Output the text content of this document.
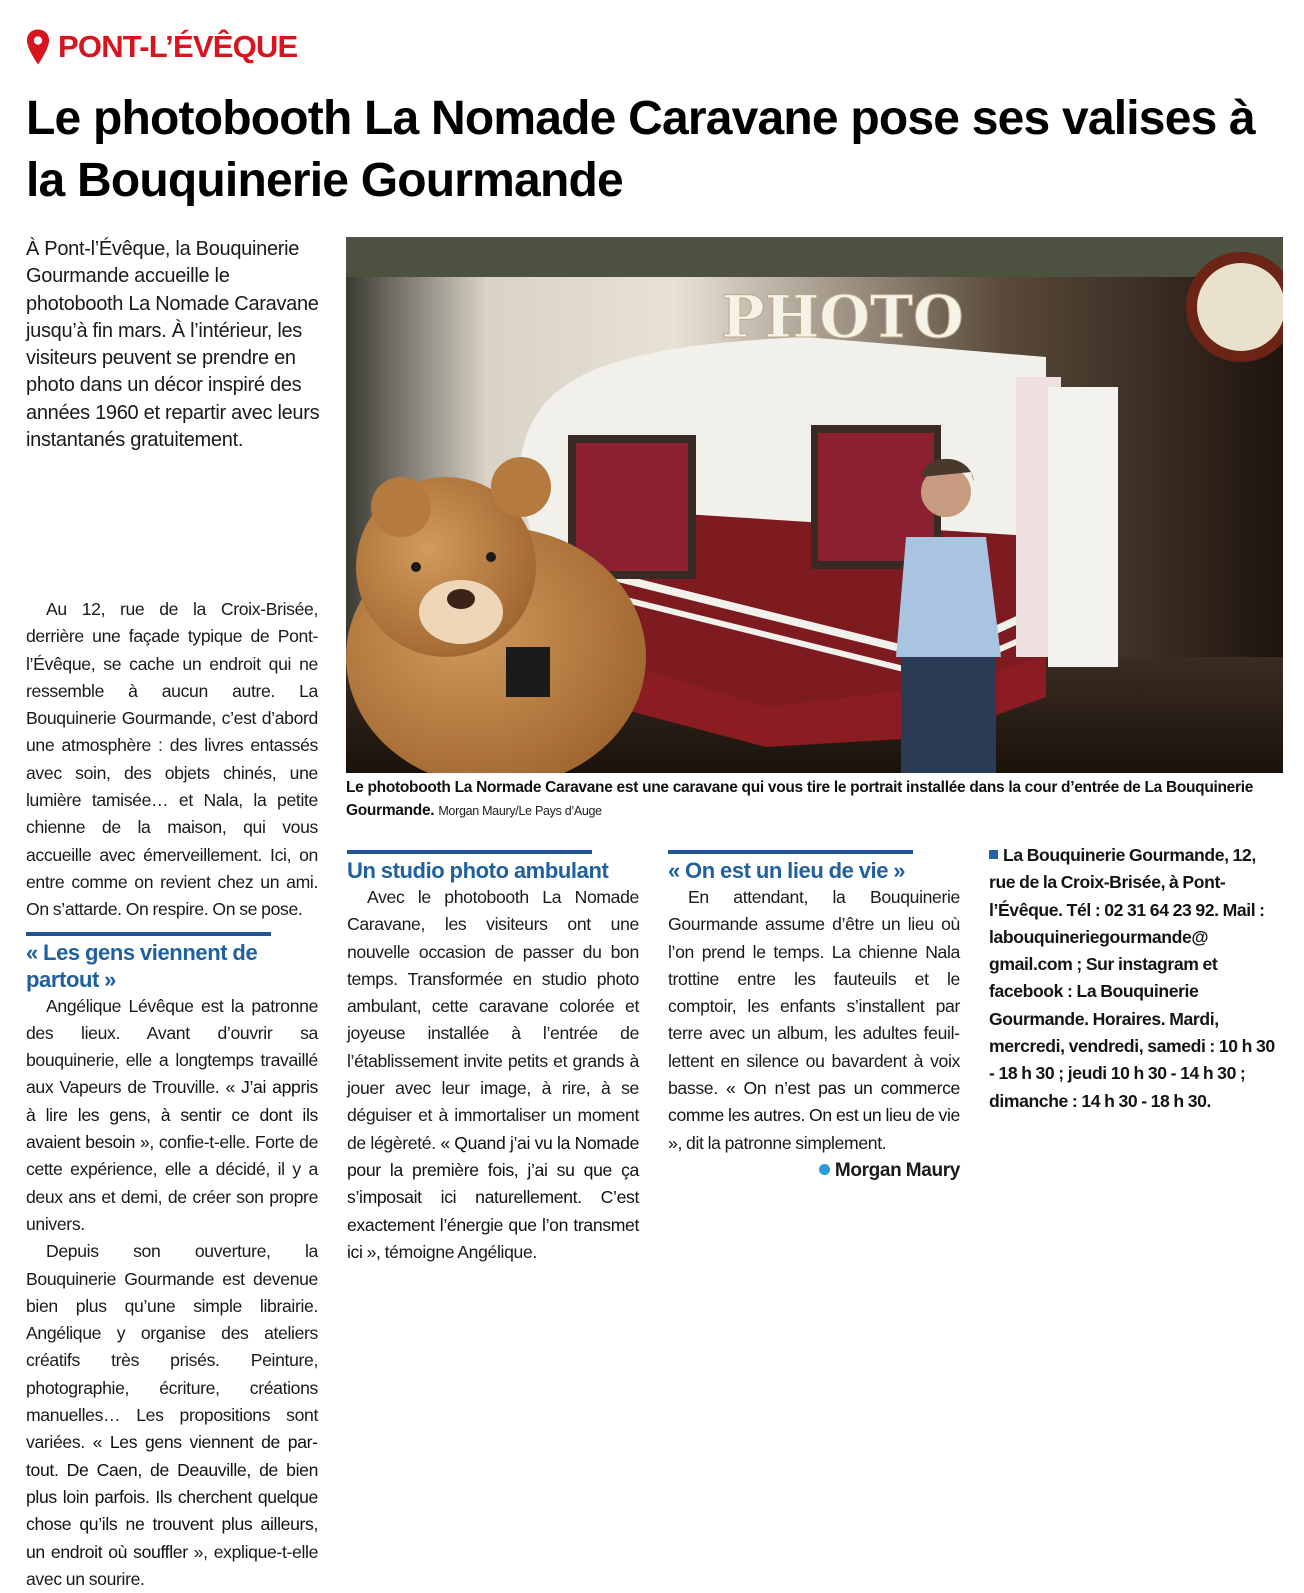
PONT-L’ÉVÊQUE
Le photobooth La Nomade Caravane pose ses valises à la Bouquinerie Gourmande
À Pont-l’Évêque, la Bouquinerie Gourmande accueille le photobooth La Nomade Caravane jusqu’à fin mars. À l’intérieur, les visiteurs peuvent se prendre en photo dans un décor inspiré des années 1960 et repartir avec leurs instantanés gratuitement.
PHOTO
Le photobooth La Normade Caravane est une caravane qui vous tire le portrait installée dans la cour d’entrée de La Bouquinerie Gourmande. Morgan Maury/Le Pays d’Auge

Au 12, rue de la Croix-Brisée, derrière une façade typique de Pont-l’Évêque, se cache un endroit qui ne ressemble à aucun autre. La Bouquinerie Gourmande, c’est d’abord une atmosphère : des livres entassés avec soin, des objets chinés, une lumière tamisée… et Nala, la petite chienne de la maison, qui vous accueille avec émerveillement. Ici, on entre comme on revient chez un ami. On s’attarde. On respire. On se pose.

« Les gens viennent de partout »

Angélique Lévêque est la patronne des lieux. Avant d’ouvrir sa bouquinerie, elle a longtemps travaillé aux Vapeurs de Trouville. « J’ai appris à lire les gens, à sentir ce dont ils avaient besoin », confie-t-elle. Forte de cette expérience, elle a décidé, il y a deux ans et demi, de créer son propre univers.

Depuis son ouverture, la Bouquinerie Gourmande est devenue bien plus qu’une simple librairie. Angélique y organise des ateliers créatifs très prisés. Peinture, photographie, écriture, créations manuelles… Les propositions sont variées. « Les gens viennent de partout. De Caen, de Deauville, de bien plus loin parfois. Ils cherchent quelque chose qu’ils ne trouvent plus ailleurs, un endroit où souffler », explique-t-elle avec un sourire.

Un studio photo ambulant

Avec le photobooth La Nomade Caravane, les visiteurs ont une nouvelle occasion de passer du bon temps. Transformée en studio photo ambulant, cette caravane colorée et joyeuse installée à l’entrée de l’établissement invite petits et grands à jouer avec leur image, à rire, à se déguiser et à immortaliser un moment de légèreté. « Quand j’ai vu la Nomade pour la première fois, j’ai su que ça s’imposait ici naturellement. C’est exactement l’énergie que l’on transmet ici », témoigne Angélique.

« On est un lieu de vie »

En attendant, la Bouquinerie Gourmande assume d’être un lieu où l’on prend le temps. La chienne Nala trottine entre les fauteuils et le comptoir, les enfants s’installent par terre avec un album, les adultes feuillettent en silence ou bavardent à voix basse. « On n’est pas un commerce comme les autres. On est un lieu de vie », dit la patronne simplement.

Morgan Maury
La Bouquinerie Gourmande, 12, rue de la Croix-Brisée, à Pont-l’Évêque. Tél : 02 31 64 23 92. Mail : labouquineriegourmande@ gmail.com ; Sur instagram et facebook : La Bouquinerie Gourmande. Horaires. Mardi, mercredi, vendredi, samedi : 10 h 30 - 18 h 30 ; jeudi 10 h 30 - 14 h 30 ; dimanche : 14 h 30 - 18 h 30.
